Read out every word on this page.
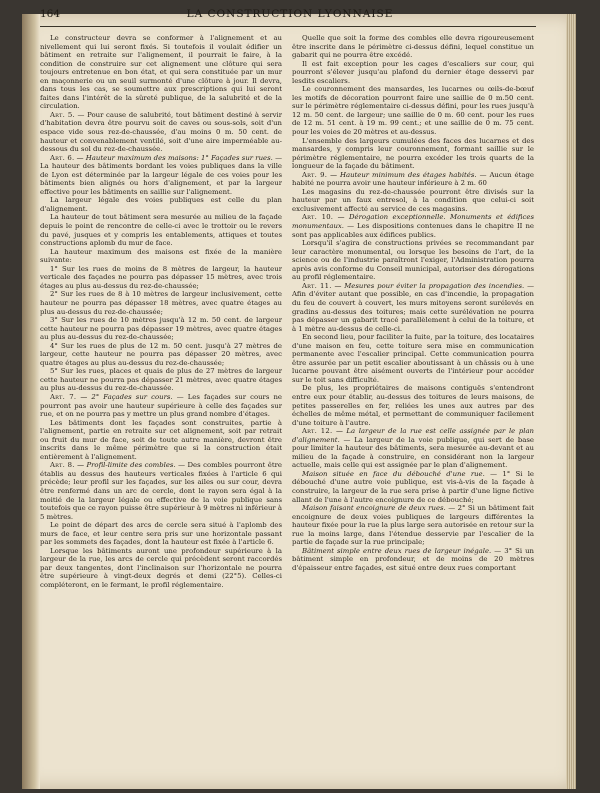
164	LA CONSTRUCTION LYONNAISE

Le constructeur devra se conformer à l'alignement et au nivellement qui lui seront fixés. Si toutefois il voulait édifier un bâtiment en retraite sur l'alignement, il pourrait le faire, à la condition de construire sur cet alignement une clôture qui sera toujours entretenue en bon état, et qui sera constituée par un mur en maçonnerie ou un seuil surmonté d'une clôture à jour. Il devra, dans tous les cas, se soumettre aux prescriptions qui lui seront faites dans l'intérêt de la sûreté publique, de la salubrité et de la circulation.

Art. 5. — Pour cause de salubrité, tout bâtiment destiné à servir d'habitation devra être pourvu soit de caves ou sous-sols, soit d'un espace vide sous rez-de-chaussée, d'au moins 0 m. 50 cent. de hauteur et convenablement ventilé, soit d'une aire imperméable au-dessous du sol du rez-de-chaussée.

Art. 6. — Hauteur maximum des maisons: 1° Façades sur rues. — La hauteur des bâtiments bordant les voies publiques dans la ville de Lyon est déterminée par la largeur légale de ces voies pour les bâtiments bien alignés ou hors d'alignement, et par la largeur effective pour les bâtiments en saillie sur l'alignement.

La largeur légale des voies publiques est celle du plan d'alignement.

La hauteur de tout bâtiment sera mesurée au milieu de la façade depuis le point de rencontre de celle-ci avec le trottoir ou le revers du pavé, jusques et y compris les entablements, attiques et toutes constructions aplomb du mur de face.

La hauteur maximum des maisons est fixée de la manière suivante:

1° Sur les rues de moins de 8 mètres de largeur, la hauteur verticale des façades ne pourra pas dépasser 15 mètres, avec trois étages au plus au-dessus du rez-de-chaussée;

2° Sur les rues de 8 à 10 mètres de largeur inclusivement, cette hauteur ne pourra pas dépasser 18 mètres, avec quatre étages au plus au-dessus du rez-de-chaussée;

3° Sur les rues de 10 mètres jusqu'à 12 m. 50 cent. de largeur cette hauteur ne pourra pas dépasser 19 mètres, avec quatre étages au plus au-dessus du rez-de-chaussée;

4° Sur les rues de plus de 12 m. 50 cent. jusqu'à 27 mètres de largeur, cette hauteur ne pourra pas dépasser 20 mètres, avec quatre étages au plus au-dessus du rez-de-chaussée;

5° Sur les rues, places et quais de plus de 27 mètres de largeur cette hauteur ne pourra pas dépasser 21 mètres, avec quatre étages au plus au-dessus du rez-de-chaussée.

Art. 7. — 2° Façades sur cours. — Les façades sur cours ne pourront pas avoir une hauteur supérieure à celle des façades sur rue, et on ne pourra pas y mettre un plus grand nombre d'étages.

Les bâtiments dont les façades sont construites, partie à l'alignement, partie en retraite sur cet alignement, soit par retrait ou fruit du mur de face, soit de toute autre manière, devront être inscrits dans le même périmètre que si la construction était entièrement à l'alignement.

Art. 8. — Profil-limite des combles. — Des combles pourront être établis au dessus des hauteurs verticales fixées à l'article 6 qui précède; leur profil sur les façades, sur les ailes ou sur cour, devra être renfermé dans un arc de cercle, dont le rayon sera égal à la moitié de la largeur légale ou effective de la voie publique sans toutefois que ce rayon puisse être supérieur à 9 mètres ni inférieur à 5 mètres.

Le point de départ des arcs de cercle sera situé à l'aplomb des murs de face, et leur centre sera pris sur une horizontale passant par les sommets des façades, dont la hauteur est fixée à l'article 6.

Lorsque les bâtiments auront une profondeur supérieure à la largeur de la rue, les arcs de cercle qui précèdent seront raccordés par deux tangentes, dont l'inclinaison sur l'horizontale ne pourra être supérieure à vingt-deux degrés et demi (22°5). Celles-ci compléteront, en le fermant, le profil réglementaire.

Quelle que soit la forme des combles elle devra rigoureusement être inscrite dans le périmètre ci-dessus défini, lequel constitue un gabarit qui ne pourra être excédé.

Il est fait exception pour les cages d'escaliers sur cour, qui pourront s'élever jusqu'au plafond du dernier étage desservi par lesdits escaliers.

Le couronnement des mansardes, les lucarnes ou œils-de-bœuf les motifs de décoration pourront faire une saillie de 0 m.50 cent. sur le périmètre réglementaire ci-dessus défini, pour les rues jusqu'à 12 m. 50 cent. de largeur; une saillie de 0 m. 60 cent. pour les rues de 12 m. 51 cent. à 19 m. 99 cent.; et une saillie de 0 m. 75 cent. pour les voies de 20 mètres et au-dessus.

L'ensemble des largeurs cumulées des faces des lucarnes et des mansardes, y compris leur couronnement, formant saillie sur le périmètre réglementaire, ne pourra excéder les trois quarts de la longueur de la façade du bâtiment.

Art. 9. — Hauteur minimum des étages habités. — Aucun étage habité ne pourra avoir une hauteur inférieure à 2 m. 60

Les magasins du rez-de-chaussée pourront être divisés sur la hauteur par un faux entresol, à la condition que celui-ci soit exclusivement affecté au service de ces magasins.

Art. 10. — Dérogation exceptionnelle. Monuments et édifices monumentaux. — Les dispositions contenues dans le chapitre II ne sont pas applicables aux édifices publics.

Lorsqu'il s'agira de constructions privées se recommandant par leur caractère monumental, ou lorsque les besoins de l'art, de la science ou de l'industrie paraîtront l'exiger, l'Administration pourra après avis conforme du Conseil municipal, autoriser des dérogations au profil réglementaire.

Art. 11. — Mesures pour éviter la propagation des incendies. — Afin d'éviter autant que possible, en cas d'incendie, la propagation du feu de couvert à couvert, les murs mitoyens seront surélevés en gradins au-dessus des toitures; mais cette surélévation ne pourra pas dépasser un gabarit tracé parallèlement à celui de la toiture, et à 1 mètre au-dessus de celle-ci.

En second lieu, pour faciliter la fuite, par la toiture, des locataires d'une maison en feu, cette toiture sera mise en communication permanente avec l'escalier principal. Cette communication pourra être assurée par un petit escalier aboutissant à un châssis ou à une lucarne pouvant être aisément ouverts de l'intérieur pour accéder sur le toit sans difficulté.

De plus, les propriétaires de maisons contiguës s'entendront entre eux pour établir, au-dessus des toitures de leurs maisons, de petites passerelles en fer, reliées les unes aux autres par des échelles de même métal, et permettant de communiquer facilement d'une toiture à l'autre.

Art. 12. — La largeur de la rue est celle assignée par le plan d'alignement. — La largeur de la voie publique, qui sert de base pour limiter la hauteur des bâtiments, sera mesurée au-devant et au milieu de la façade à construire, en considérant non la largeur actuelle, mais celle qui est assignée par le plan d'alignement.

Maison située en face du débouché d'une rue. — 1° Si le débouché d'une autre voie publique, est vis-à-vis de la façade à construire, la largeur de la rue sera prise à partir d'une ligne fictive allant de l'une à l'autre encoignure de ce débouché;

Maison faisant encoignure de deux rues. — 2° Si un bâtiment fait encoignure de deux voies publiques de largeurs différentes la hauteur fixée pour la rue la plus large sera autorisée en retour sur la rue la moins large, dans l'étendue desservie par l'escalier de la partie de façade sur la rue principale;

Bâtiment simple entre deux rues de largeur inégale. — 3° Si un bâtiment simple en profondeur, et de moins de 20 mètres d'épaisseur entre façades, est situé entre deux rues comportant
